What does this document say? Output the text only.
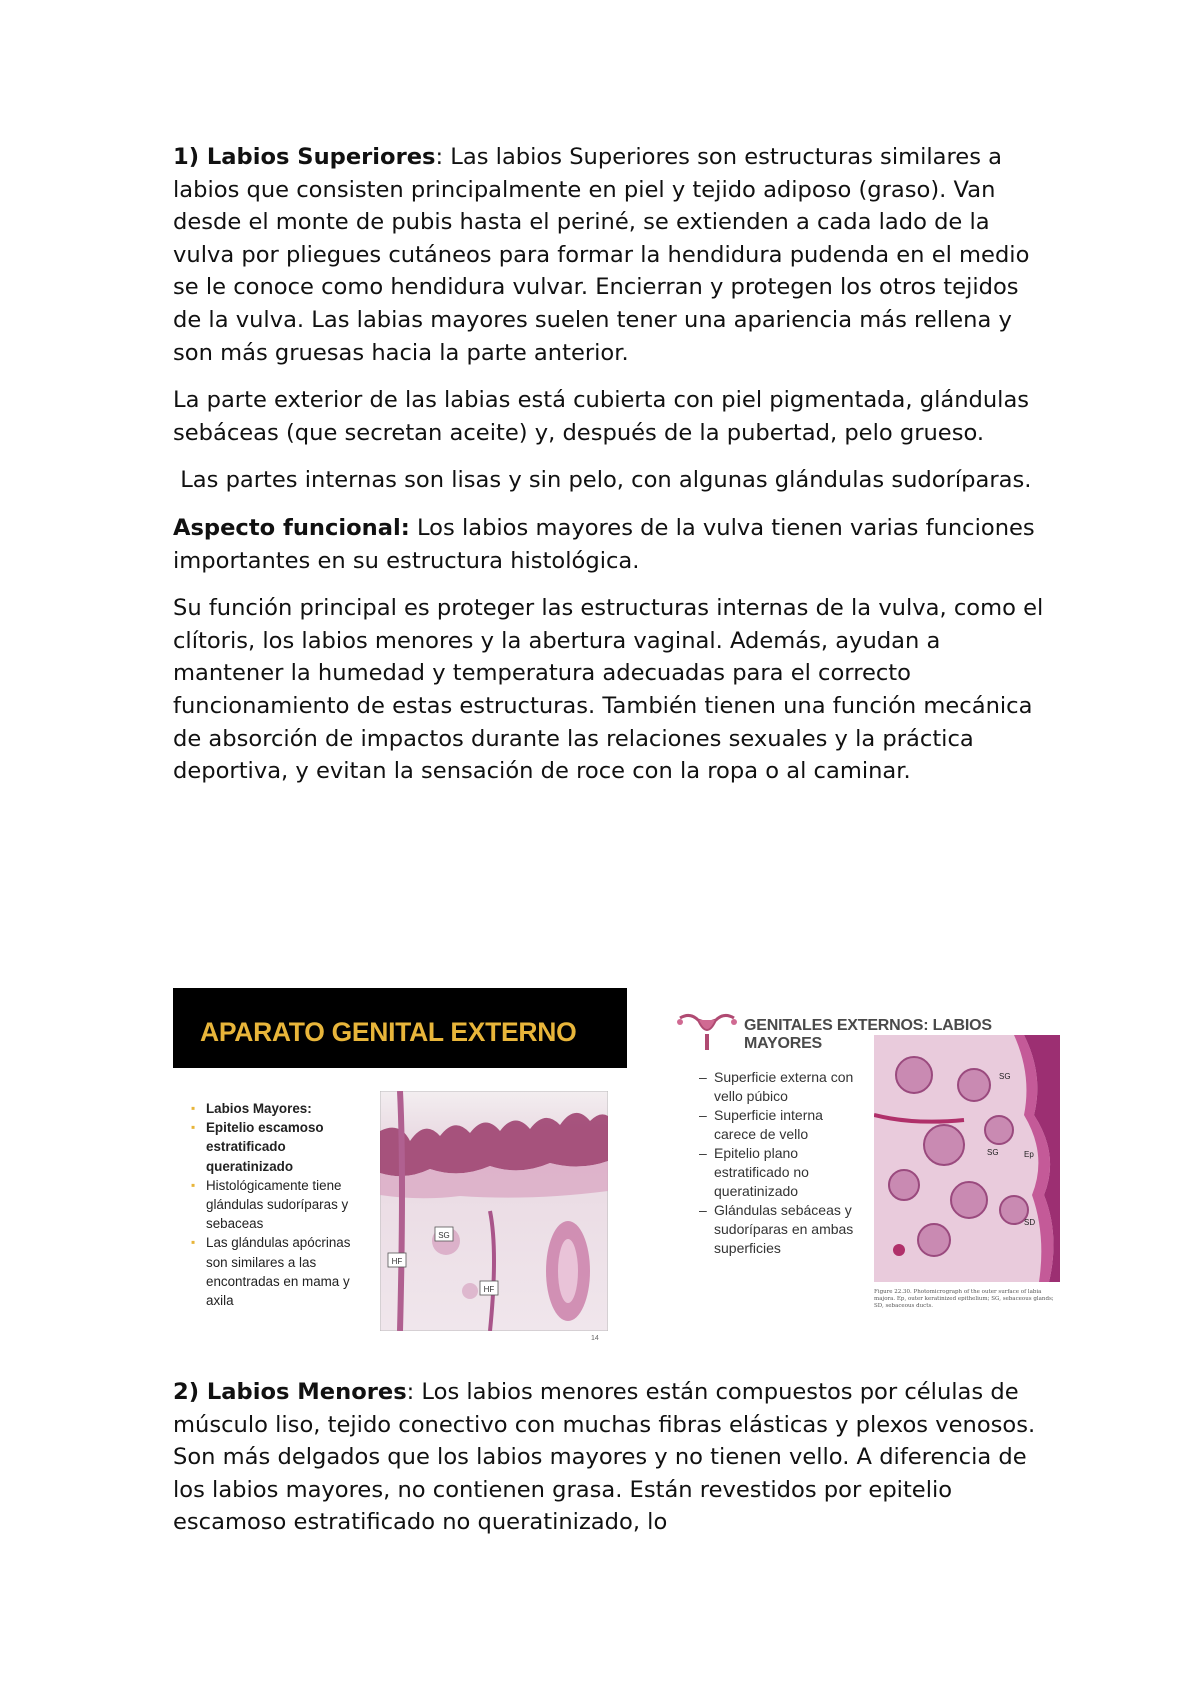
1) Labios Superiores: Las labios Superiores son estructuras similares a labios que consisten principalmente en piel y tejido adiposo (graso). Van desde el monte de pubis hasta el periné, se extienden a cada lado de la vulva por pliegues cutáneos para formar la hendidura pudenda en el medio se le conoce como hendidura vulvar. Encierran y protegen los otros tejidos de la vulva. Las labias mayores suelen tener una apariencia más rellena y son más gruesas hacia la parte anterior.

La parte exterior de las labias está cubierta con piel pigmentada, glándulas sebáceas (que secretan aceite) y, después de la pubertad, pelo grueso.

Las partes internas son lisas y sin pelo, con algunas glándulas sudoríparas.

Aspecto funcional: Los labios mayores de la vulva tienen varias funciones importantes en su estructura histológica.

Su función principal es proteger las estructuras internas de la vulva, como el clítoris, los labios menores y la abertura vaginal. Además, ayudan a mantener la humedad y temperatura adecuadas para el correcto funcionamiento de estas estructuras. También tienen una función mecánica de absorción de impactos durante las relaciones sexuales y la práctica deportiva, y evitan la sensación de roce con la ropa o al caminar.

APARATO GENITAL EXTERNO
▪ Labios Mayores:
▪ Epitelio escamoso estratificado queratinizado
▪ Histológicamente tiene glándulas sudoríparas y sebaceas
▪ Las glándulas apócrinas son similares a las encontradas en mama y axila
HF
SG
HF
14
GENITALES EXTERNOS: LABIOS MAYORES
– Superficie externa con vello púbico
– Superficie interna carece de vello
– Epitelio plano estratificado no queratinizado
– Glándulas sebáceas y sudoríparas en ambas superficies
SG
SG	Ep
SD
Figure 22.30. Photomicrograph of the outer surface of labia majora. Ep, outer keratinized epithelium; SG, sebaceous glands; SD, sebaceous ducts.

2) Labios Menores: Los labios menores están compuestos por células de músculo liso, tejido conectivo con muchas fibras elásticas y plexos venosos. Son más delgados que los labios mayores y no tienen vello. A diferencia de los labios mayores, no contienen grasa. Están revestidos por epitelio escamoso estratificado no queratinizado, lo
